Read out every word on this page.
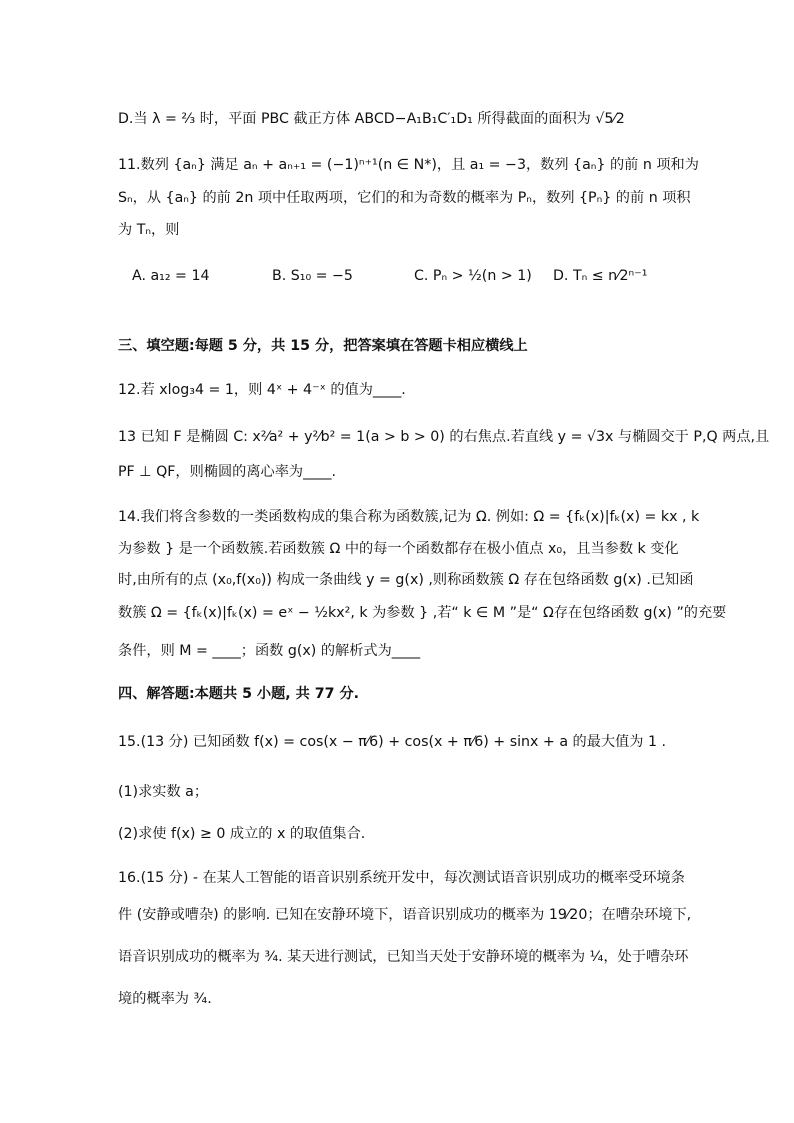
D.当 λ = ²⁄₃ 时，平面 PBC 截正方体 ABCD−A₁B₁C′₁D₁ 所得截面的面积为 √5⁄2
11.数列 {aₙ} 满足 aₙ + aₙ₊₁ = (−1)ⁿ⁺¹(n ∈ N*)，且 a₁ = −3，数列 {aₙ} 的前 n 项和为
Sₙ，从 {aₙ} 的前 2n 项中任取两项，它们的和为奇数的概率为 Pₙ，数列 {Pₙ} 的前 n 项积
为 Tₙ，则
A. a₁₂ = 14	B. S₁₀ = −5	C. Pₙ > ½(n > 1) D. Tₙ ≤ n⁄2ⁿ⁻¹
三、填空题:每题 5 分，共 15 分，把答案填在答题卡相应横线上
12.若 xlog₃4 = 1，则 4ˣ + 4⁻ˣ 的值为____.
13 已知 F 是椭圆 C: x²⁄a² + y²⁄b² = 1(a > b > 0) 的右焦点.若直线 y = √3x 与椭圆交于 P,Q 两点,且
PF ⊥ QF，则椭圆的离心率为____.
14.我们将含参数的一类函数构成的集合称为函数簇,记为 Ω. 例如: Ω = {fₖ(x)|fₖ(x) = kx , k
为参数 } 是一个函数簇.若函数簇 Ω 中的每一个函数都存在极小值点 x₀，且当参数 k 变化
时,由所有的点 (x₀,f(x₀)) 构成一条曲线 y = g(x) ,则称函数簇 Ω 存在包络函数 g(x) .已知函
数簇 Ω = {fₖ(x)|fₖ(x) = eˣ − ½kx², k 为参数 } ,若“ k ∈ M ”是“ Ω存在包络函数 g(x) ”的充要
条件，则 M = ____；函数 g(x) 的解析式为____
四、解答题:本题共 5 小题, 共 77 分.
15.(13 分) 已知函数 f(x) = cos(x − π⁄6) + cos(x + π⁄6) + sinx + a 的最大值为 1 .
(1)求实数 a；
(2)求使 f(x) ≥ 0 成立的 x 的取值集合.
16.(15 分) - 在某人工智能的语音识别系统开发中，每次测试语音识别成功的概率受环境条
件 (安静或嘈杂) 的影响. 已知在安静环境下，语音识别成功的概率为 19⁄20；在嘈杂环境下,
语音识别成功的概率为 ³⁄₄. 某天进行测试，已知当天处于安静环境的概率为 ¹⁄₄，处于嘈杂环
境的概率为 ³⁄₄.
